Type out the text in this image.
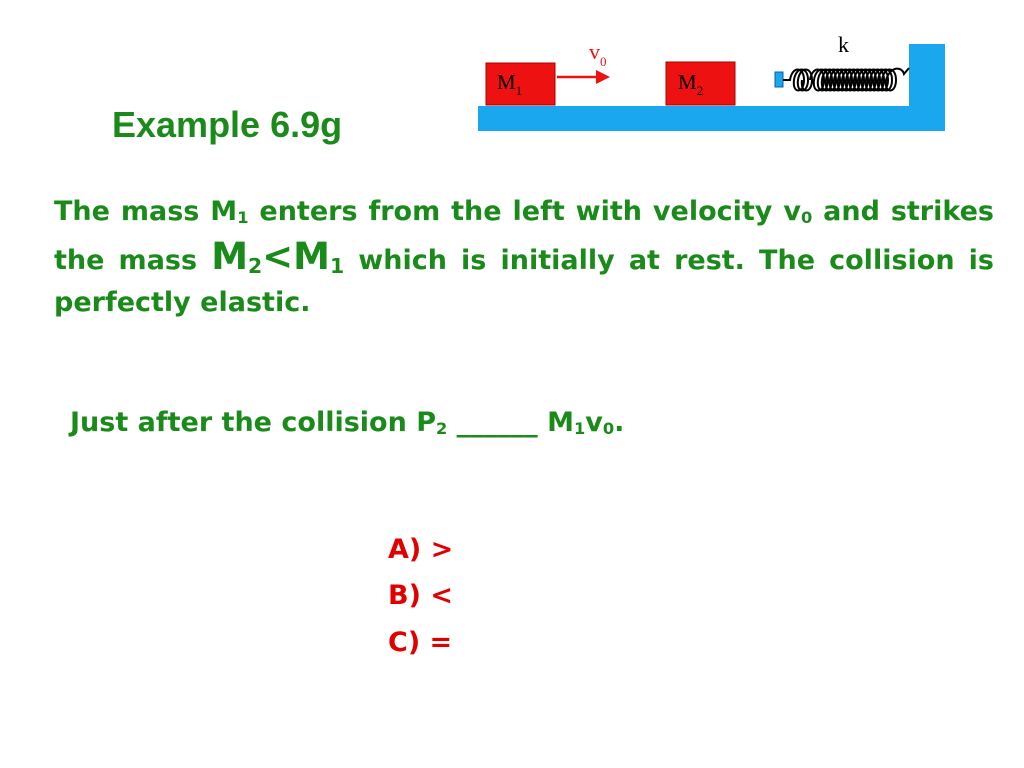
Example 6.9g
$M_1$
$v_0$
$M_2$
k

The mass $M_1$ enters from the left with velocity $v_0$ and strikes the mass $M_2<M_1$ which is initially at rest. The collision is perfectly elastic.

Just after the collision $P_2$ ______ $M_1v_0$.

A) >
B) <
C) =
